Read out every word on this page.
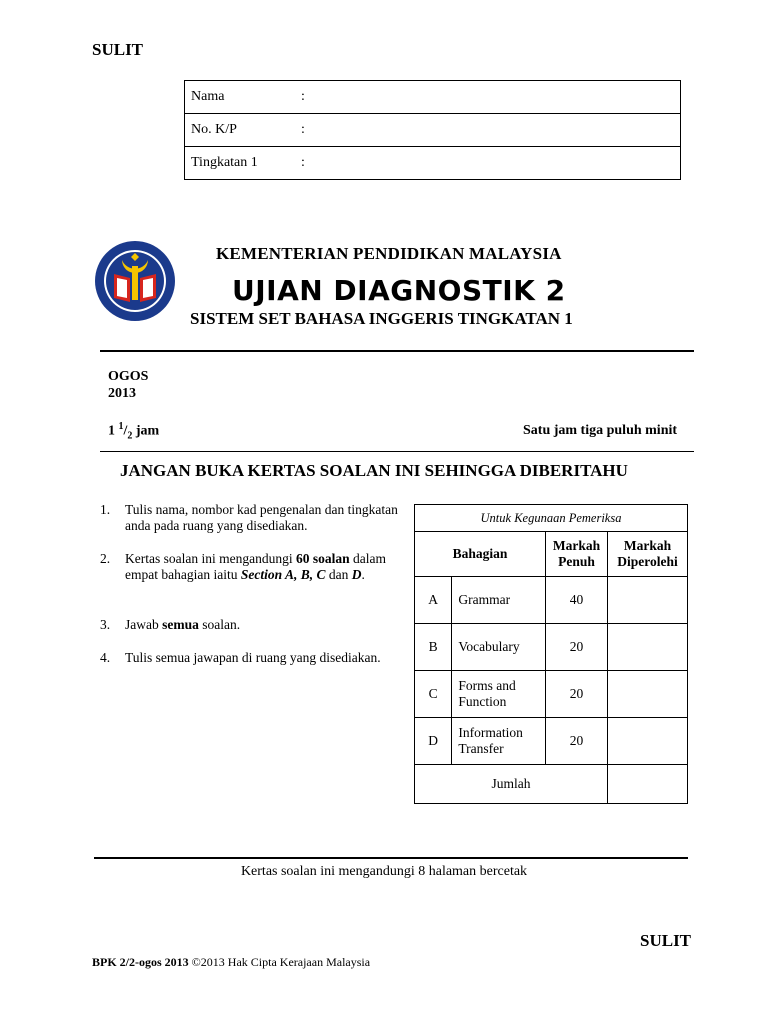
SULIT
Nama	:
No. K/P	:
Tingkatan 1	:
KEMENTERIAN PENDIDIKAN MALAYSIA
UJIAN DIAGNOSTIK 2
SISTEM SET BAHASA INGGERIS TINGKATAN 1
OGOS
2013
1 $^1/_2$ jam	Satu jam tiga puluh minit
JANGAN BUKA KERTAS SOALAN INI SEHINGGA DIBERITAHU
1. Tulis nama, nombor kad pengenalan dan tingkatan anda pada ruang yang disediakan.
2. Kertas soalan ini mengandungi 60 soalan dalam empat bahagian iaitu Section A, B, C dan D.
3. Jawab semua soalan.
4. Tulis semua jawapan di ruang yang disediakan.
Untuk Kegunaan Pemeriksa			
Bahagian		Markah Penuh	Markah Diperolehi
A	Grammar	40	
B	Vocabulary	20	
C	Forms and Function	20	
D	Information Transfer	20	
Jumlah			
Kertas soalan ini mengandungi 8 halaman bercetak
SULIT
BPK 2/2-ogos 2013 ©2013 Hak Cipta Kerajaan Malaysia
